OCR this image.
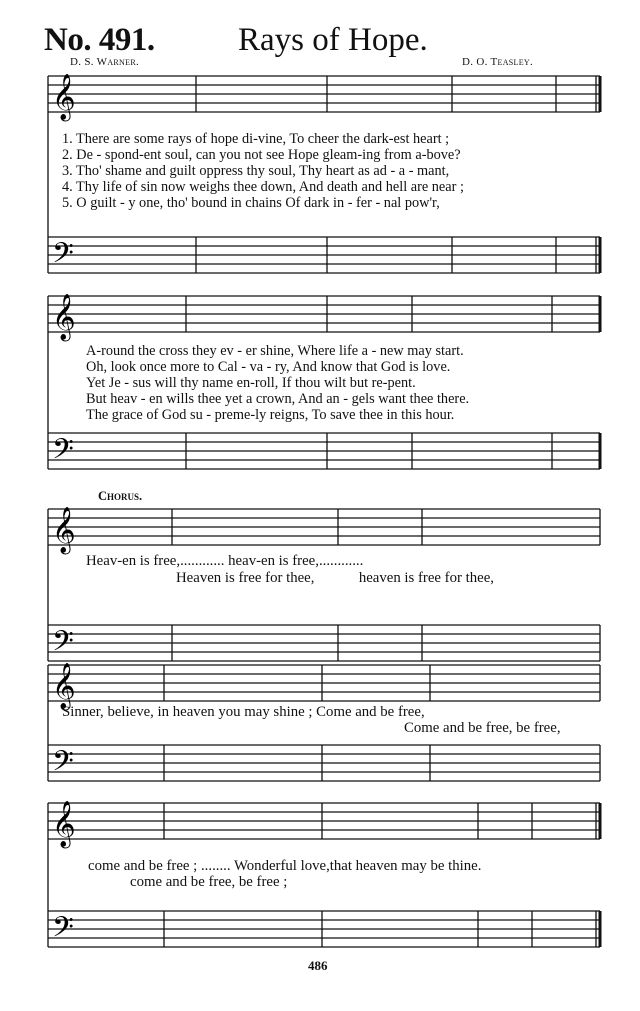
No. 491.	Rays of Hope.
D. S. Warner.	D. O. Teasley.
𝄞
𝄢
𝄞
𝄢
𝄞
𝄢
𝄞
𝄢
𝄞
𝄢
1. There are some rays of hope di-vine, To cheer the dark-est heart ;
2. De - spond-ent soul, can you not see Hope gleam-ing from a-bove?
3. Tho' shame and guilt oppress thy soul, Thy heart as ad - a - mant,
4. Thy life of sin now weighs thee down, And death and hell are near ;
5. O guilt - y one, tho' bound in chains Of dark in - fer - nal pow'r,
A-round the cross they ev - er shine, Where life a - new may start.
Oh, look once more to Cal - va - ry, And know that God is love.
Yet Je - sus will thy name en-roll, If thou wilt but re-pent.
But heav - en wills thee yet a crown, And an - gels want thee there.
The grace of God su - preme-ly reigns, To save thee in this hour.
Chorus.
Heav-en is free,............ heav-en is free,............
Heaven is free for thee,            heaven is free for thee,
Sinner, believe, in heaven you may shine ; Come and be free,
Come and be free, be free,
come and be free ; ........ Wonderful love,that heaven may be thine.
come and be free, be free ;
486
